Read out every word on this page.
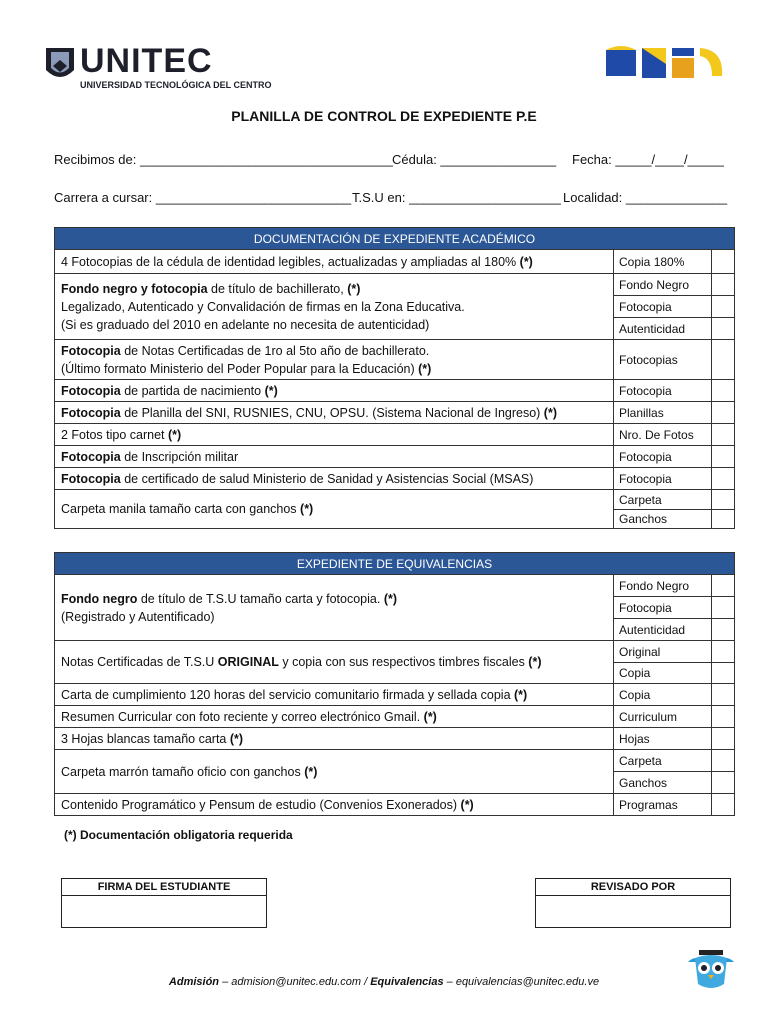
UNITEC
UNIVERSIDAD TECNOLÓGICA DEL CENTRO
PLANILLA DE CONTROL DE EXPEDIENTE P.E
Recibimos de: ___________________________________
Cédula: ________________ Fecha: _____/____/_____
Carrera a cursar: ___________________________ T.S.U en: _____________________ Localidad: ______________
DOCUMENTACIÓN DE EXPEDIENTE ACADÉMICO		
4 Fotocopias de la cédula de identidad legibles, actualizadas y ampliadas al 180% (*)	Copia 180%	
Fondo negro y fotocopia de título de bachillerato, (*)
Legalizado, Autenticado y Convalidación de firmas en la Zona Educativa.
(Si es graduado del 2010 en adelante no necesita de autenticidad)	Fondo Negro	
	Fotocopia	
	Autenticidad	
Fotocopia de Notas Certificadas de 1ro al 5to año de bachillerato.
(Último formato Ministerio del Poder Popular para la Educación) (*)	Fotocopias	
Fotocopia de partida de nacimiento (*)	Fotocopia	
Fotocopia de Planilla del SNI, RUSNIES, CNU, OPSU. (Sistema Nacional de Ingreso) (*)	Planillas	
2 Fotos tipo carnet (*)	Nro. De Fotos	
Fotocopia de Inscripción militar	Fotocopia	
Fotocopia de certificado de salud Ministerio de Sanidad y Asistencias Social (MSAS)	Fotocopia	
Carpeta manila tamaño carta con ganchos (*)	Carpeta	
	Ganchos	
EXPEDIENTE DE EQUIVALENCIAS		
Fondo negro de título de T.S.U tamaño carta y fotocopia. (*)
(Registrado y Autentificado)	Fondo Negro	
	Fotocopia	
	Autenticidad	
Notas Certificadas de T.S.U ORIGINAL y copia con sus respectivos timbres fiscales (*)	Original	
	Copia	
Carta de cumplimiento 120 horas del servicio comunitario firmada y sellada copia (*)	Copia	
Resumen Curricular con foto reciente y correo electrónico Gmail. (*)	Curriculum	
3 Hojas blancas tamaño carta (*)	Hojas	
Carpeta marrón tamaño oficio con ganchos (*)	Carpeta	
	Ganchos	
Contenido Programático y Pensum de estudio (Convenios Exonerados) (*)	Programas	
(*) Documentación obligatoria requerida
FIRMA DEL ESTUDIANTE	REVISADO POR
Admisión – admision@unitec.edu.com / Equivalencias – equivalencias@unitec.edu.ve
